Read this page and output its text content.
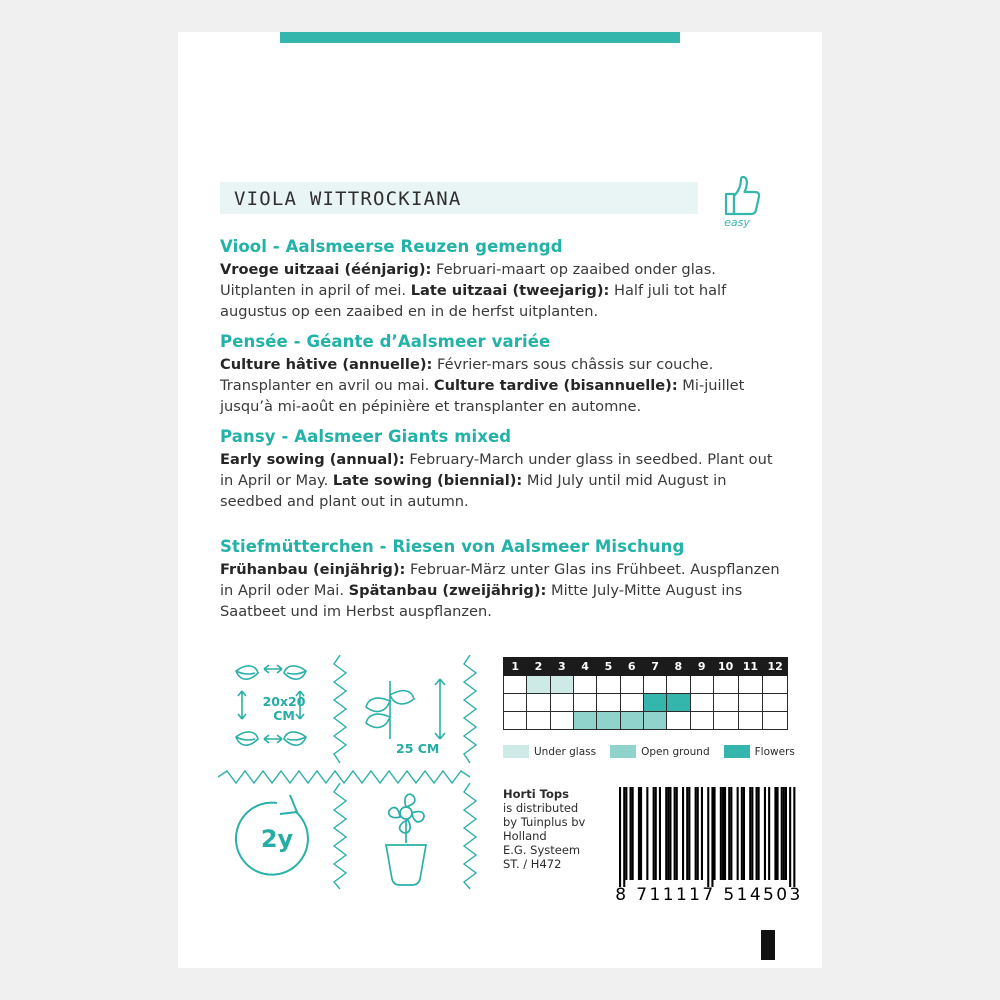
VIOLA WITTROCKIANA
easy
Viool - Aalsmeerse Reuzen gemengd

Vroege uitzaai (éénjarig): Februari-maart op zaaibed onder glas. Uitplanten in april of mei. Late uitzaai (tweejarig): Half juli tot half augustus op een zaaibed en in de herfst uitplanten.

Pensée - Géante d’Aalsmeer variée

Culture hâtive (annuelle): Février-mars sous châssis sur couche. Transplanter en avril ou mai. Culture tardive (bisannuelle): Mi-juillet jusqu’à mi-août en pépinière et transplanter en automne.

Pansy - Aalsmeer Giants mixed

Early sowing (annual): February-March under glass in seedbed. Plant out in April or May. Late sowing (biennial): Mid July until mid August in seedbed and plant out in autumn.

Stiefmütterchen - Riesen von Aalsmeer Mischung

Frühanbau (einjährig): Februar-März unter Glas ins Frühbeet. Auspflanzen in April oder Mai. Spätanbau (zweijährig): Mitte July-Mitte August ins Saatbeet und im Herbst auspflanzen.

20x20
CM
25 CM
2y
1	2	3	4	5	6	7	8	9	10	11	12

Under glass	Open ground	Flowers
Horti Tops
is distributed
by Tuinplus bv
Holland
E.G. Systeem
ST. / H472
8 711117 514503
